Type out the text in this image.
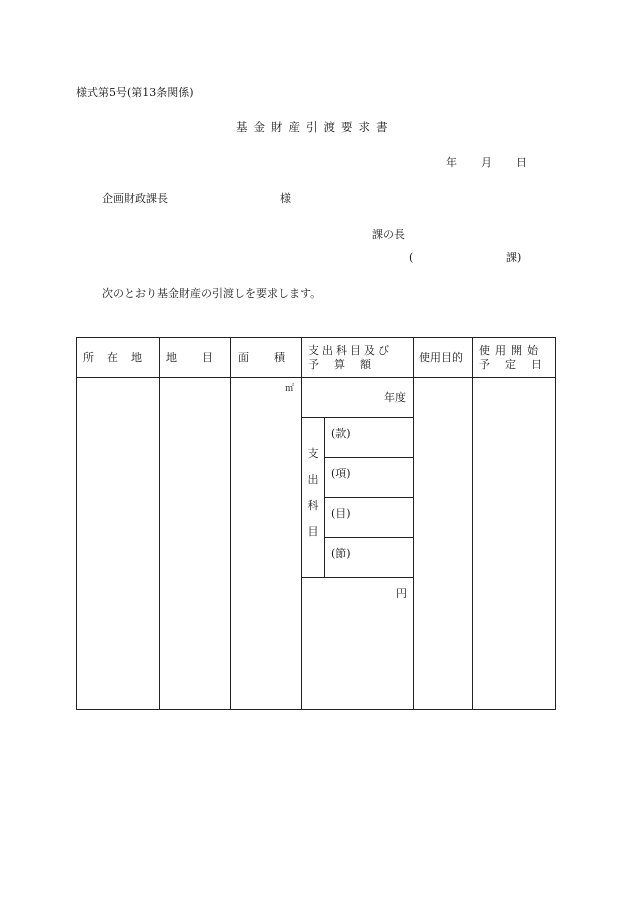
様式第5号(第13条関係)
基金財産引渡要求書
年 月 日
企画財政課長	様
課の長
(	課)
次のとおり基金財産の引渡しを要求します。
所　在　地 地　　目 面　　積
支出科目及び
予　算　額
使用目的
使用開始
予　定　日
㎡
年度
支
出
科
目
(款)
(項)
(目)
(節)
円
